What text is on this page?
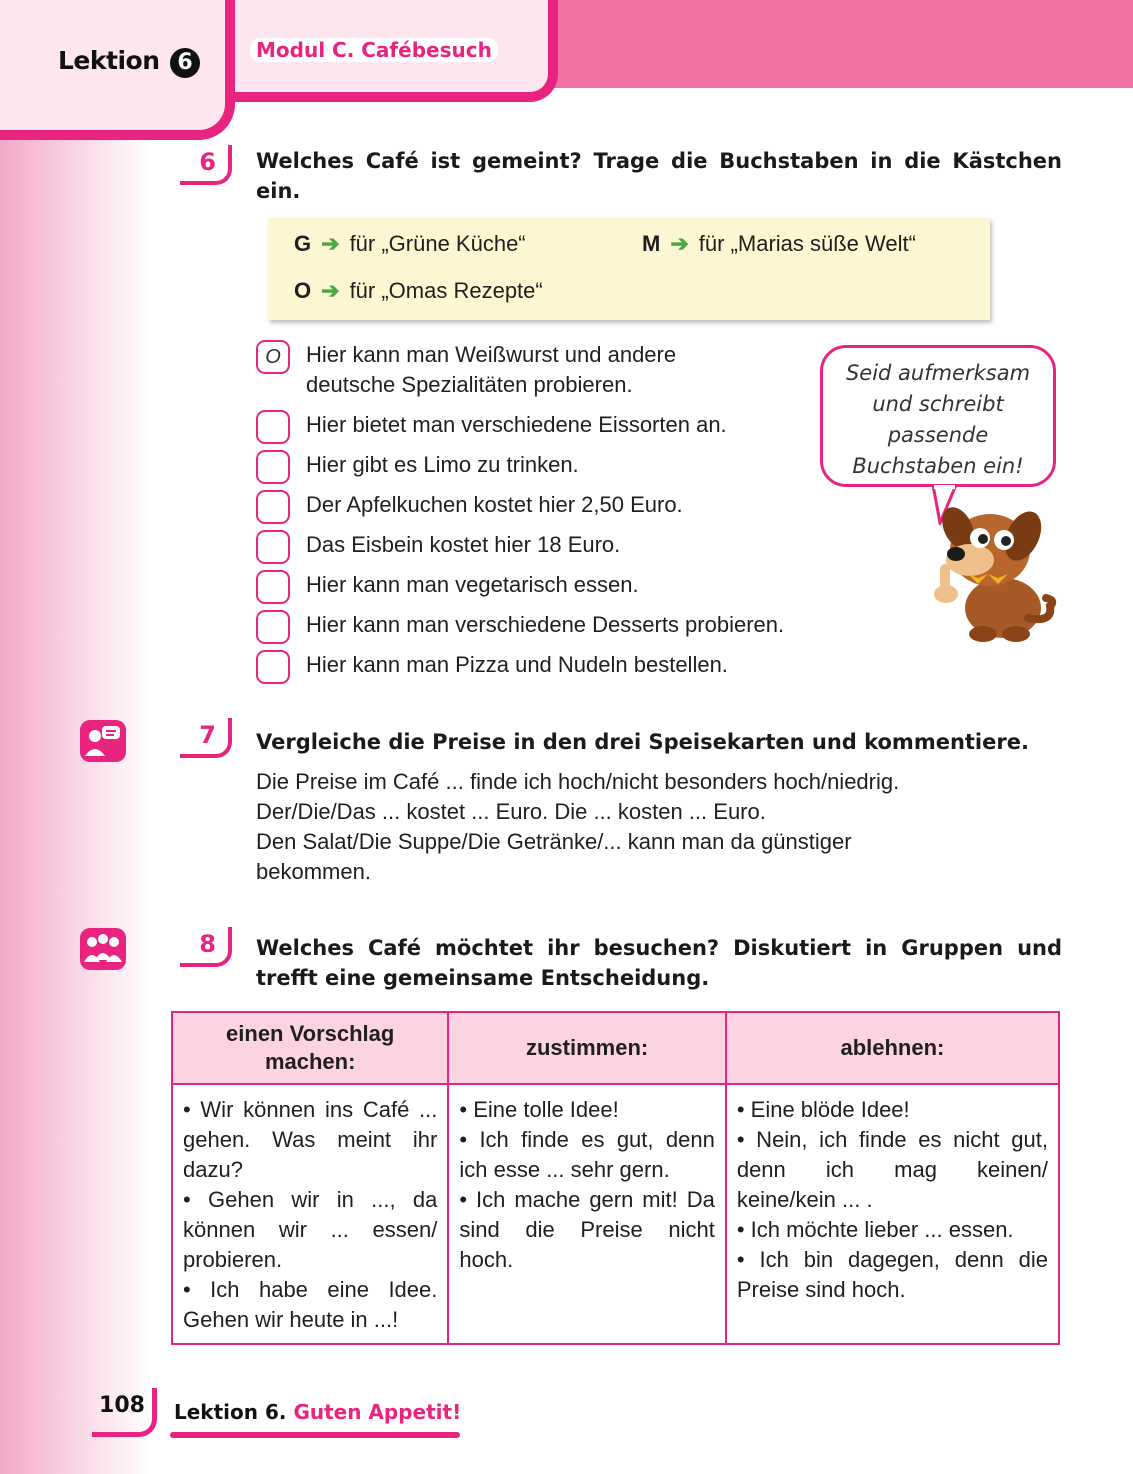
Lektion 6	Modul C. Cafébesuch
6	Welches Café ist gemeint? Trage die Buchstaben in die Kästchen ein.
G ➔ für „Grüne Küche“	M ➔ für „Marias süße Welt“
O ➔ für „Omas Rezepte“
O	Hier kann man Weißwurst und andere
deutsche Spezialitäten probieren.
Hier bietet man verschiedene Eissorten an.
Hier gibt es Limo zu trinken.
Der Apfelkuchen kostet hier 2,50 Euro.
Das Eisbein kostet hier 18 Euro.
Hier kann man vegetarisch essen.
Hier kann man verschiedene Desserts probieren.
Hier kann man Pizza und Nudeln bestellen.
Seid aufmerksam
und schreibt
passende
Buchstaben ein!
7	Vergleiche die Preise in den drei Speisekarten und kommentiere.
Die Preise im Café ... finde ich hoch/nicht besonders hoch/niedrig.
Der/Die/Das ... kostet ... Euro. Die ... kosten ... Euro.
Den Salat/Die Suppe/Die Getränke/... kann man da günstiger
bekommen.
8	Welches Café möchtet ihr besuchen? Diskutiert in Gruppen und trefft eine gemeinsame Entscheidung.
einen Vorschlag machen:	zustimmen:	ablehnen:
• Wir können ins Café ... gehen. Was meint ihr dazu?
• Gehen wir in ..., da können wir ... essen/ probieren.
• Ich habe eine Idee. Gehen wir heute in ...!	• Eine tolle Idee!
• Ich finde es gut, denn ich esse ... sehr gern.
• Ich mache gern mit! Da sind die Preise nicht hoch.	• Eine blöde Idee!
• Nein, ich finde es nicht gut, denn ich mag keinen/ keine/kein ... .
• Ich möchte lieber ... essen.
• Ich bin dagegen, denn die Preise sind hoch.
108	Lektion 6. Guten Appetit!
